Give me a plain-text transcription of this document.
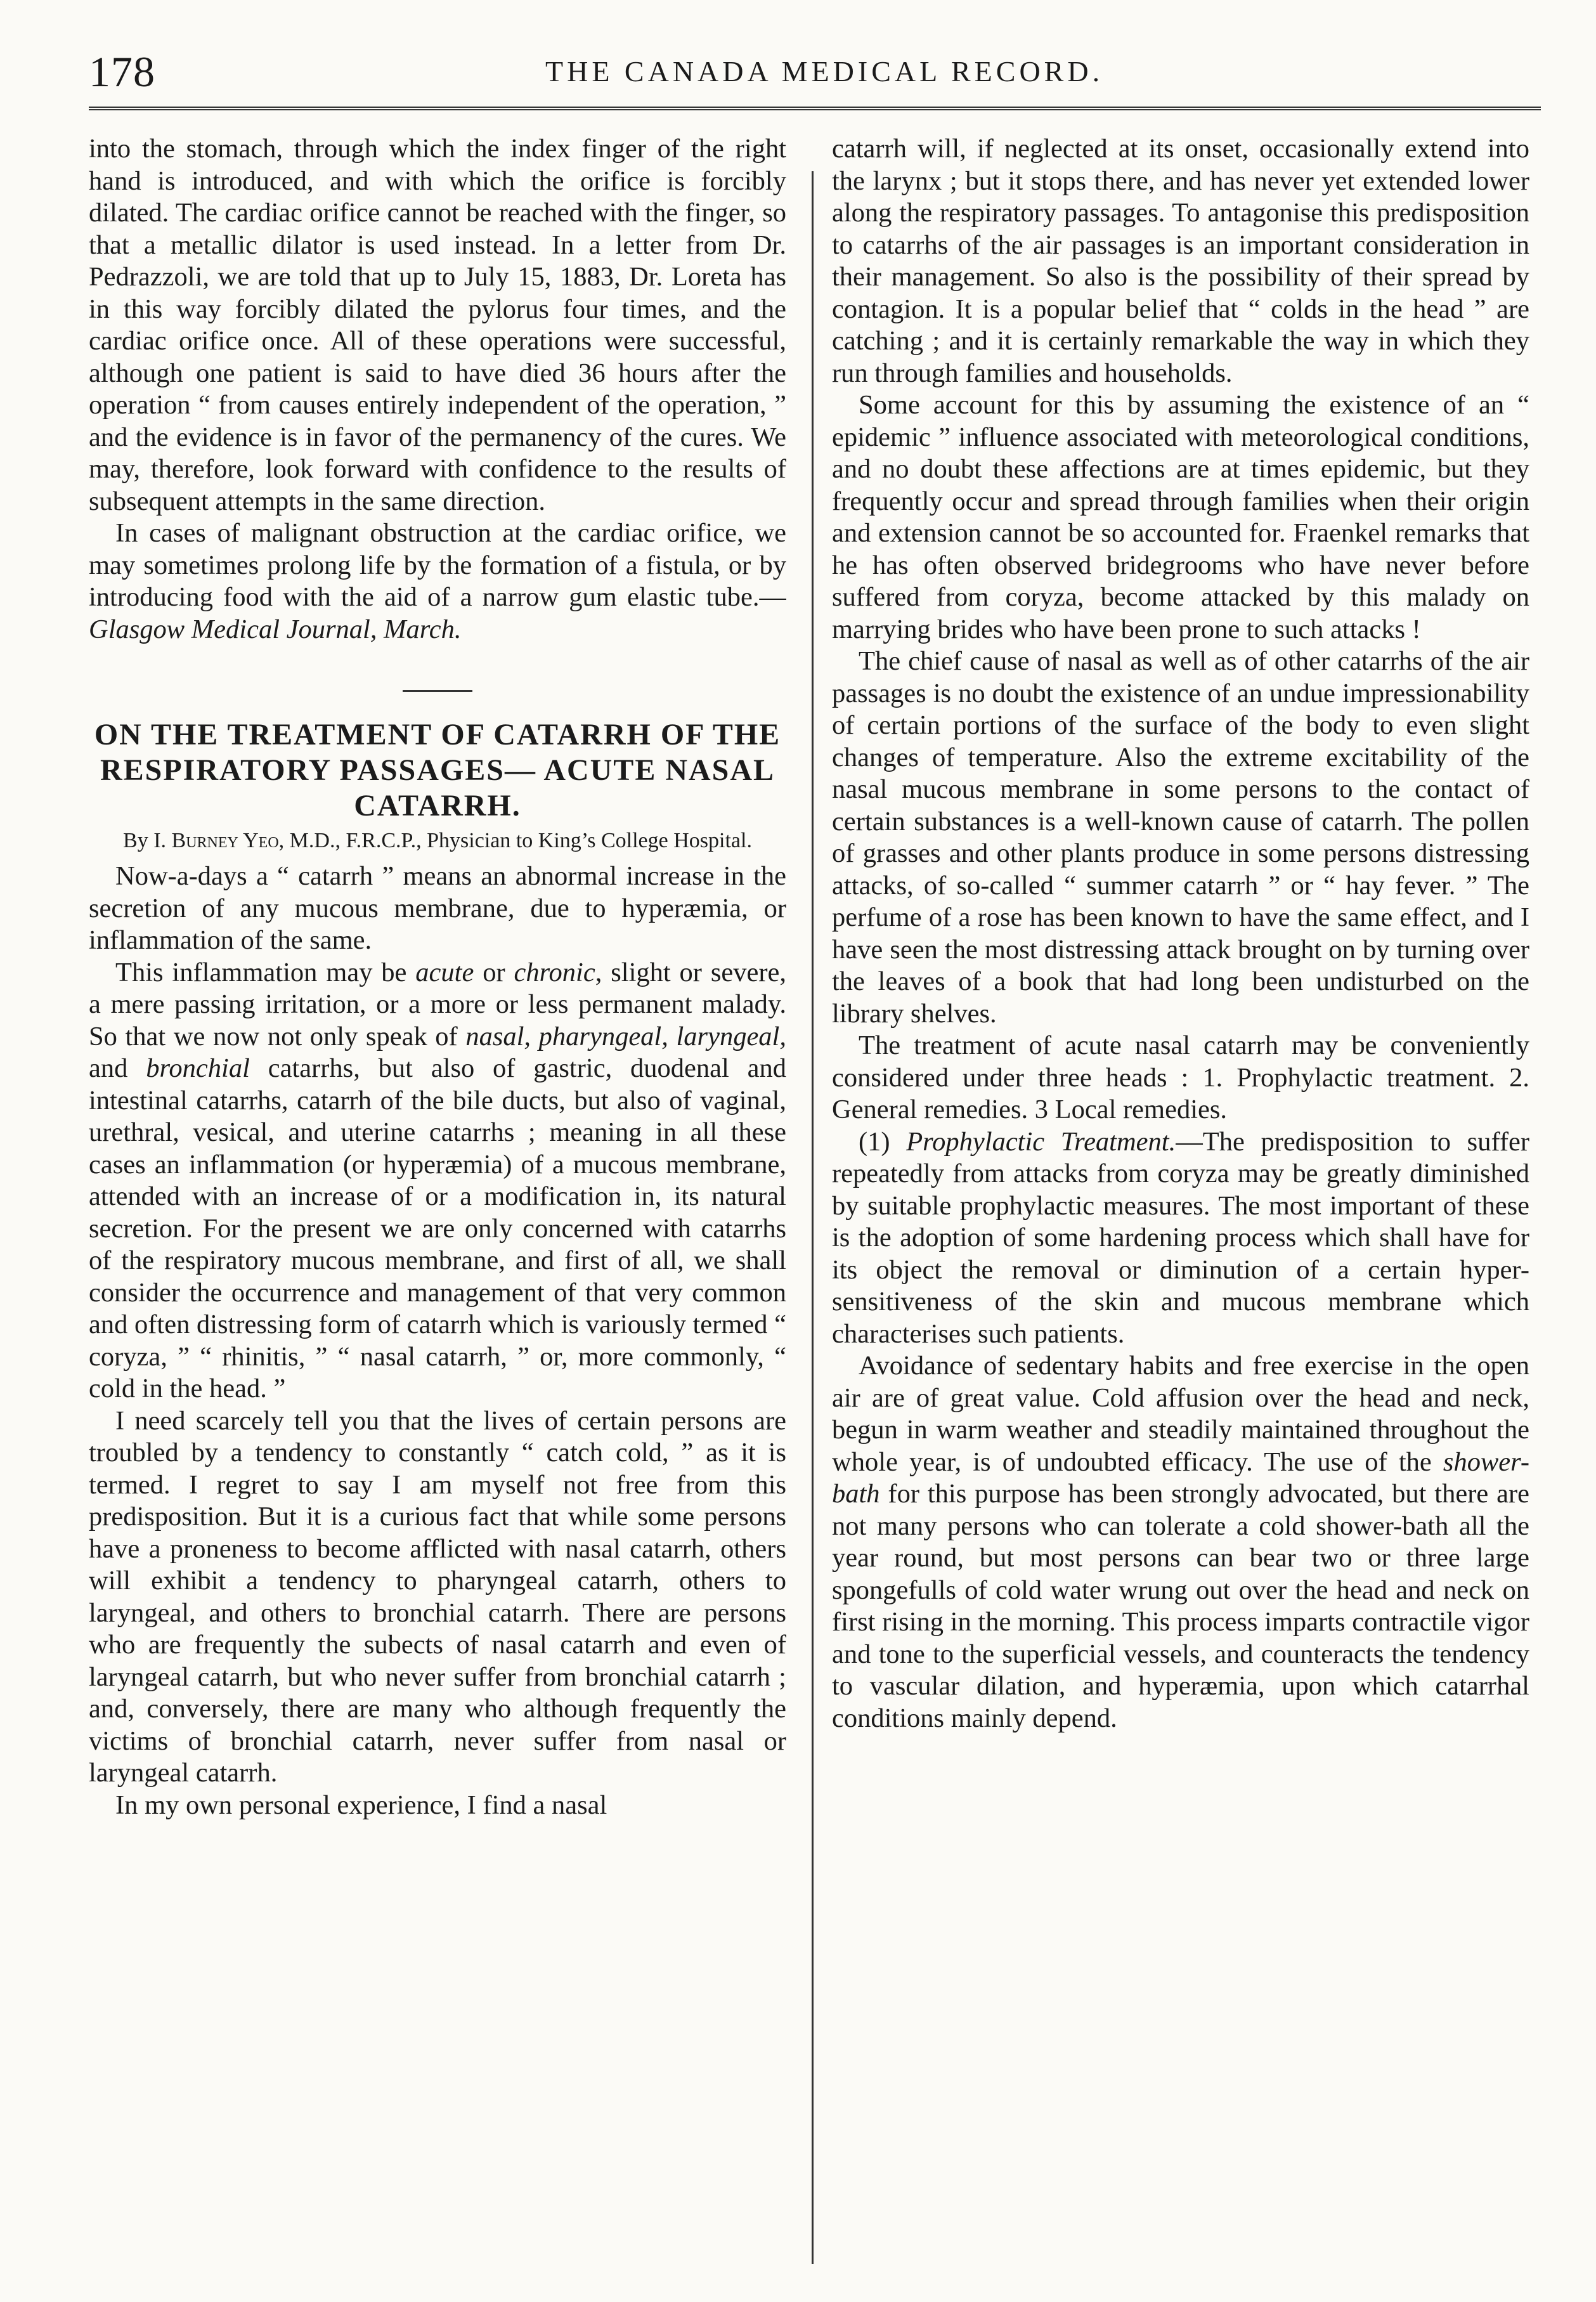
178	THE CANADA MEDICAL RECORD.

into the stomach, through which the index finger of the right hand is introduced, and with which the orifice is forcibly dilated. The cardiac orifice cannot be reached with the finger, so that a metallic dilator is used instead. In a letter from Dr. Pedrazzoli, we are told that up to July 15, 1883, Dr. Loreta has in this way forcibly dilated the pylorus four times, and the cardiac orifice once. All of these operations were successful, although one patient is said to have died 36 hours after the operation “ from causes entirely independent of the operation, ” and the evidence is in favor of the permanency of the cures. We may, therefore, look forward with confidence to the results of subsequent attempts in the same direction.

In cases of malignant obstruction at the cardiac orifice, we may sometimes prolong life by the formation of a fistula, or by introducing food with the aid of a narrow gum elastic tube.—Glasgow Medical Journal, March.

ON THE TREATMENT OF CATARRH OF THE RESPIRATORY PASSAGES— ACUTE NASAL CATARRH.

By I. Burney Yeo, M.D., F.R.C.P., Physician to King’s College Hospital.

Now-a-days a “ catarrh ” means an abnormal increase in the secretion of any mucous membrane, due to hyperæmia, or inflammation of the same.

This inflammation may be acute or chronic, slight or severe, a mere passing irritation, or a more or less permanent malady. So that we now not only speak of nasal, pharyngeal, laryngeal, and bronchial catarrhs, but also of gastric, duodenal and intestinal catarrhs, catarrh of the bile ducts, but also of vaginal, urethral, vesical, and uterine catarrhs ; meaning in all these cases an inflammation (or hyperæmia) of a mucous membrane, attended with an increase of or a modification in, its natural secretion. For the present we are only concerned with catarrhs of the respiratory mucous membrane, and first of all, we shall consider the occurrence and management of that very common and often distressing form of catarrh which is variously termed “ coryza, ” “ rhinitis, ” “ nasal catarrh, ” or, more commonly, “ cold in the head. ”

I need scarcely tell you that the lives of certain persons are troubled by a tendency to constantly “ catch cold, ” as it is termed. I regret to say I am myself not free from this predisposition. But it is a curious fact that while some persons have a proneness to become afflicted with nasal catarrh, others will exhibit a tendency to pharyngeal catarrh, others to laryngeal, and others to bronchial catarrh. There are persons who are frequently the subects of nasal catarrh and even of laryngeal catarrh, but who never suffer from bronchial catarrh ; and, conversely, there are many who although frequently the victims of bronchial catarrh, never suffer from nasal or laryngeal catarrh.

In my own personal experience, I find a nasal

catarrh will, if neglected at its onset, occasionally extend into the larynx ; but it stops there, and has never yet extended lower along the respiratory passages. To antagonise this predisposition to catarrhs of the air passages is an important consideration in their management. So also is the possibility of their spread by contagion. It is a popular belief that “ colds in the head ” are catching ; and it is certainly remarkable the way in which they run through families and households.

Some account for this by assuming the existence of an “ epidemic ” influence associated with meteorological conditions, and no doubt these affections are at times epidemic, but they frequently occur and spread through families when their origin and extension cannot be so accounted for. Fraenkel remarks that he has often observed bridegrooms who have never before suffered from coryza, become attacked by this malady on marrying brides who have been prone to such attacks !

The chief cause of nasal as well as of other catarrhs of the air passages is no doubt the existence of an undue impressionability of certain portions of the surface of the body to even slight changes of temperature. Also the extreme excitability of the nasal mucous membrane in some persons to the contact of certain substances is a well-known cause of catarrh. The pollen of grasses and other plants produce in some persons distressing attacks, of so-called “ summer catarrh ” or “ hay fever. ” The perfume of a rose has been known to have the same effect, and I have seen the most distressing attack brought on by turning over the leaves of a book that had long been undisturbed on the library shelves.

The treatment of acute nasal catarrh may be conveniently considered under three heads : 1. Prophylactic treatment. 2. General remedies. 3 Local remedies.

(1) Prophylactic Treatment.—The predisposition to suffer repeatedly from attacks from coryza may be greatly diminished by suitable prophylactic measures. The most important of these is the adoption of some hardening process which shall have for its object the removal or diminution of a certain hyper-sensitiveness of the skin and mucous membrane which characterises such patients.

Avoidance of sedentary habits and free exercise in the open air are of great value. Cold affusion over the head and neck, begun in warm weather and steadily maintained throughout the whole year, is of undoubted efficacy. The use of the shower-bath for this purpose has been strongly advocated, but there are not many persons who can tolerate a cold shower-bath all the year round, but most persons can bear two or three large spongefulls of cold water wrung out over the head and neck on first rising in the morning. This process imparts contractile vigor and tone to the superficial vessels, and counteracts the tendency to vascular dilation, and hyperæmia, upon which catarrhal conditions mainly depend.
